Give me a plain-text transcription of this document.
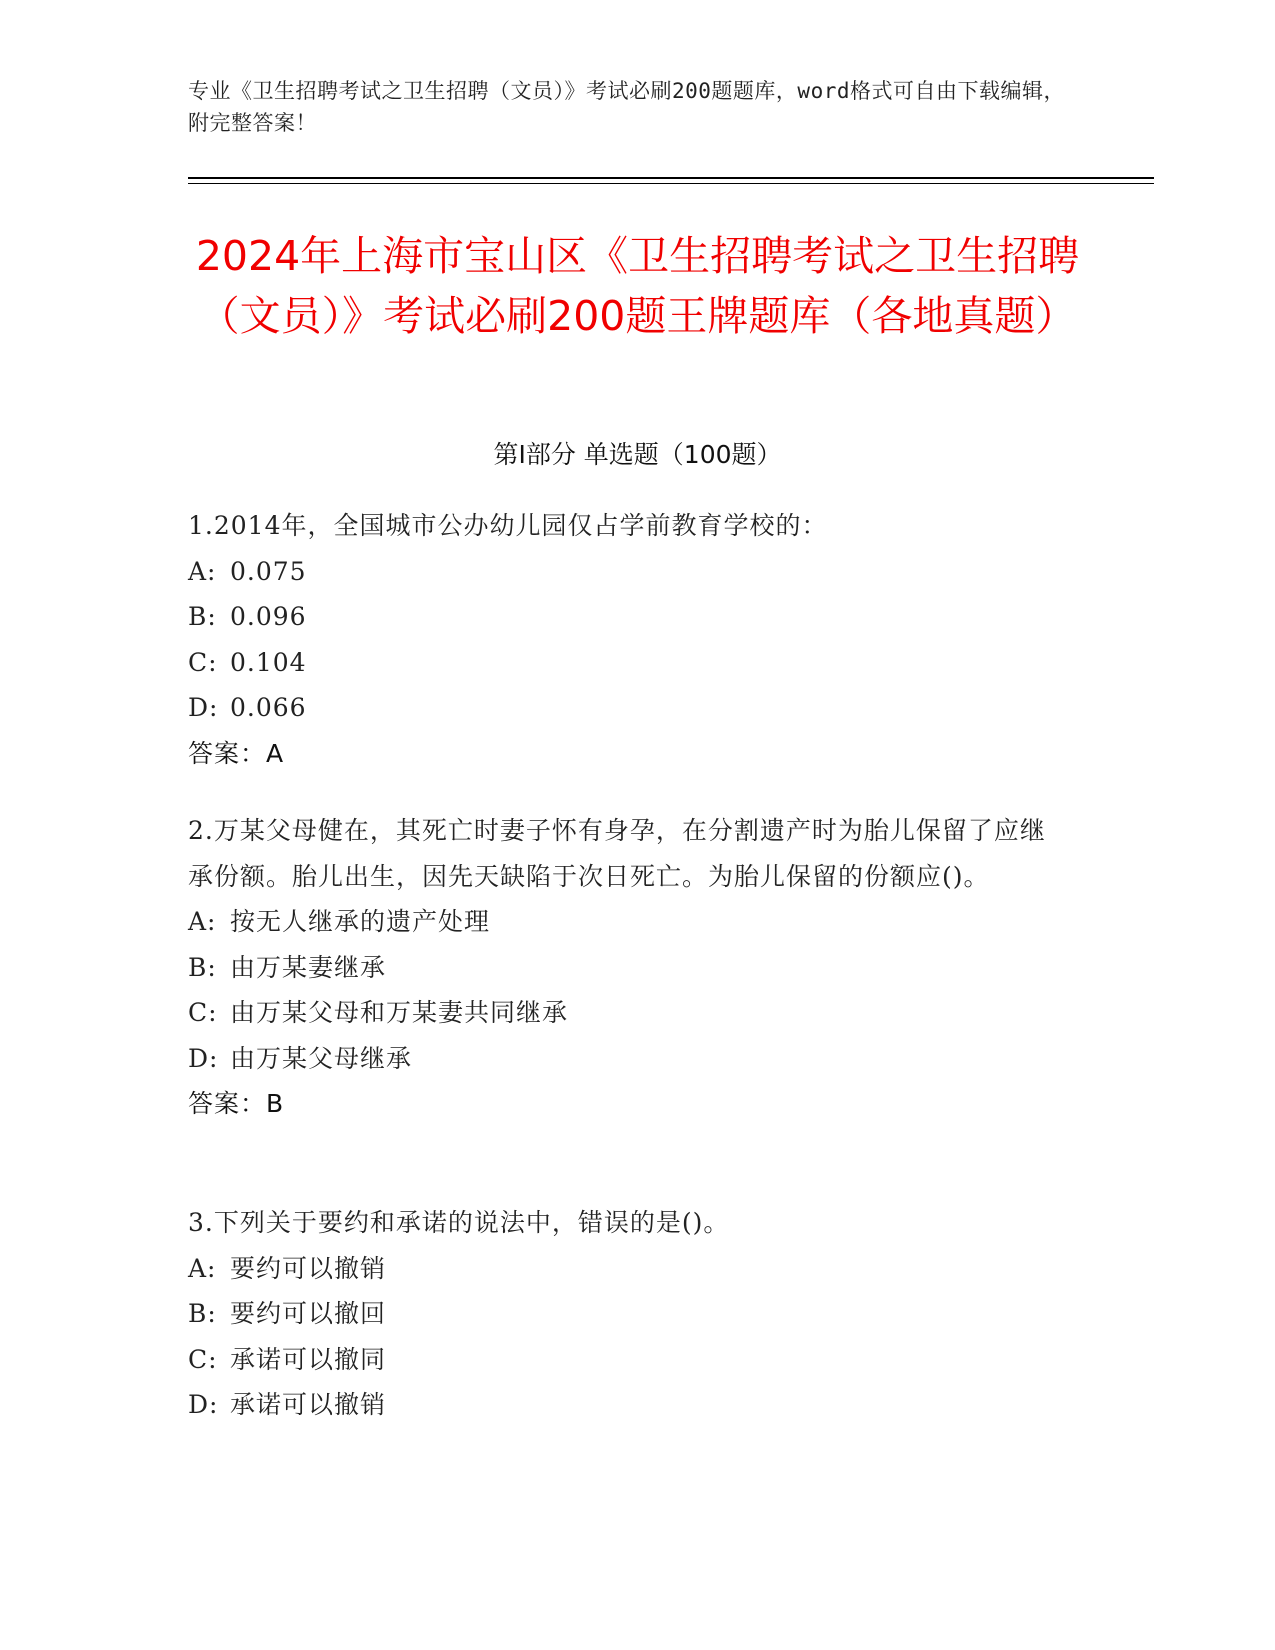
专业《卫生招聘考试之卫生招聘（文员）》考试必刷200题题库，word格式可自由下载编辑，附完整答案！
2024年上海市宝山区《卫生招聘考试之卫生招聘（文员）》考试必刷200题王牌题库（各地真题）
第I部分 单选题（100题）
1.2014年，全国城市公办幼儿园仅占学前教育学校的：
A: 0.075
B: 0.096
C: 0.104
D: 0.066
答案：A
2.万某父母健在，其死亡时妻子怀有身孕，在分割遗产时为胎儿保留了应继承份额。胎儿出生，因先天缺陷于次日死亡。为胎儿保留的份额应()。
A: 按无人继承的遗产处理
B: 由万某妻继承
C: 由万某父母和万某妻共同继承
D: 由万某父母继承
答案：B
3.下列关于要约和承诺的说法中，错误的是()。
A: 要约可以撤销
B: 要约可以撤回
C: 承诺可以撤同
D: 承诺可以撤销
